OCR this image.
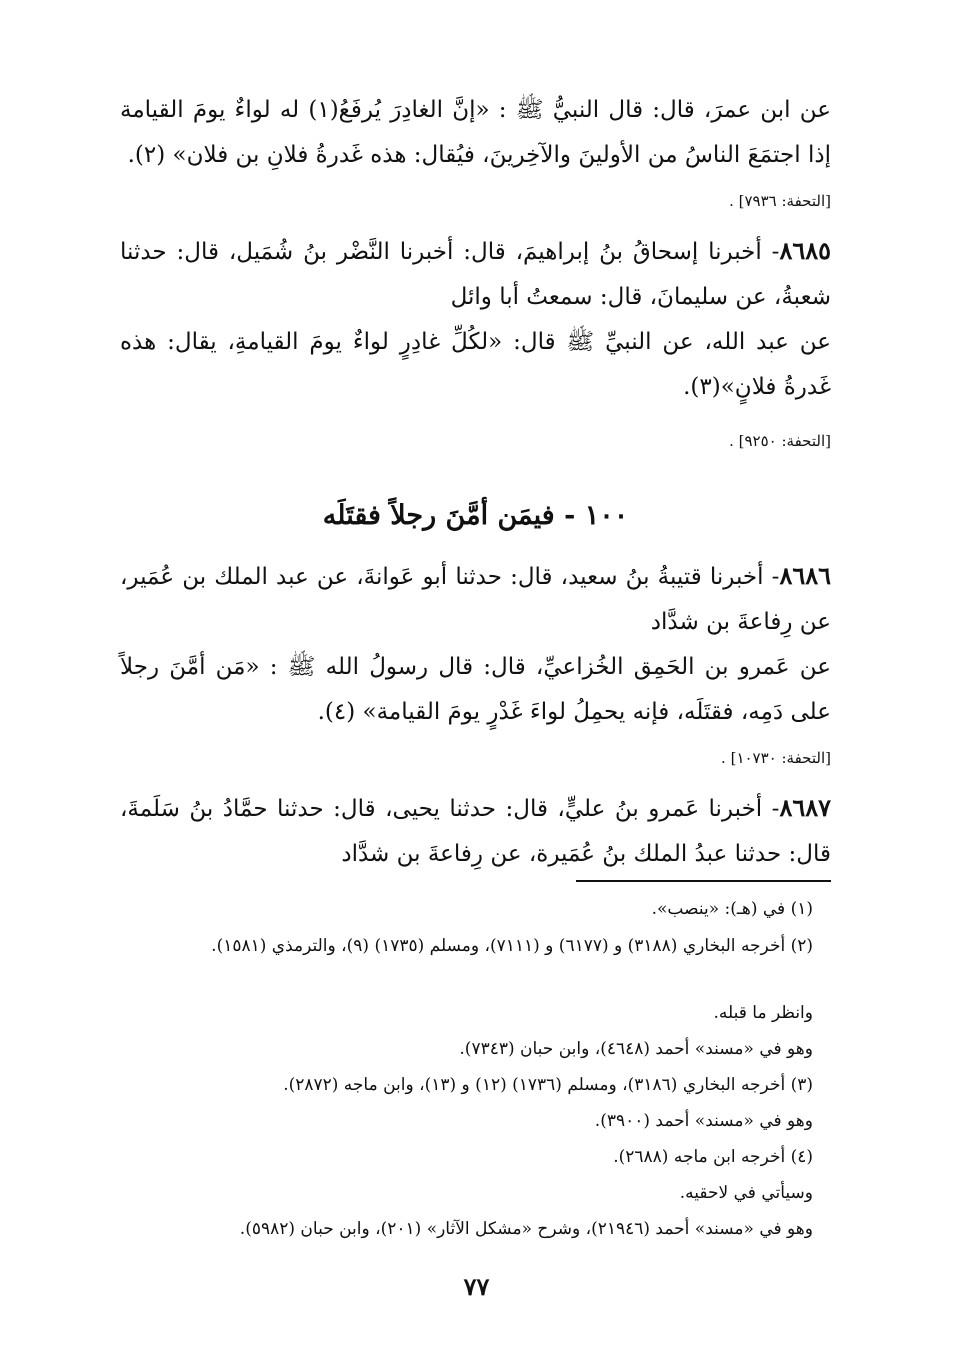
عن ابن عمرَ، قال: قال النبيُّ ﷺ : «إنَّ الغادِرَ يُرفَعُ(١) له لواءٌ يومَ القيامة إذا اجتمَعَ الناسُ من الأولينَ والآخِرينَ، فيُقال: هذه غَدرةُ فلانِ بن فلان» (٢).
[التحفة: ٧٩٣٦] .
٨٦٨٥- أخبرنا إسحاقُ بنُ إبراهيمَ، قال: أخبرنا النَّضْر بنُ شُمَيل، قال: حدثنا شعبةُ، عن سليمانَ، قال: سمعتُ أبا وائل
عن عبد الله، عن النبيِّ ﷺ قال: «لكُلِّ غادِرٍ لواءٌ يومَ القيامةِ، يقال: هذه غَدرةُ فلانٍ»(٣).
[التحفة: ٩٢٥٠] .
١٠٠ - فيمَن أمَّنَ رجلاً فقتَلَه
٨٦٨٦- أخبرنا قتيبةُ بنُ سعيد، قال: حدثنا أبو عَوانةَ، عن عبد الملك بن عُمَير، عن رِفاعةَ بن شدَّاد
عن عَمرو بن الحَمِق الخُزاعيِّ، قال: قال رسولُ الله ﷺ : «مَن أمَّنَ رجلاً على دَمِه، فقتَلَه، فإنه يحمِلُ لواءَ غَدْرٍ يومَ القيامة» (٤).
[التحفة: ١٠٧٣٠] .
٨٦٨٧- أخبرنا عَمرو بنُ عليٍّ، قال: حدثنا يحيى، قال: حدثنا حمَّادُ بنُ سَلَمةَ، قال: حدثنا عبدُ الملك بنُ عُمَيرة، عن رِفاعةَ بن شدَّاد
(١) في (هـ): «ينصب».
(٢) أخرجه البخاري (٣١٨٨) و (٦١٧٧) و (٧١١١)، ومسلم (١٧٣٥) (٩)، والترمذي (١٥٨١).
وانظر ما قبله.
وهو في «مسند» أحمد (٤٦٤٨)، وابن حبان (٧٣٤٣).
(٣) أخرجه البخاري (٣١٨٦)، ومسلم (١٧٣٦) (١٢) و (١٣)، وابن ماجه (٢٨٧٢).
وهو في «مسند» أحمد (٣٩٠٠).
(٤) أخرجه ابن ماجه (٢٦٨٨).
وسيأتي في لاحقيه.
وهو في «مسند» أحمد (٢١٩٤٦)، وشرح «مشكل الآثار» (٢٠١)، وابن حبان (٥٩٨٢).
٧٧
